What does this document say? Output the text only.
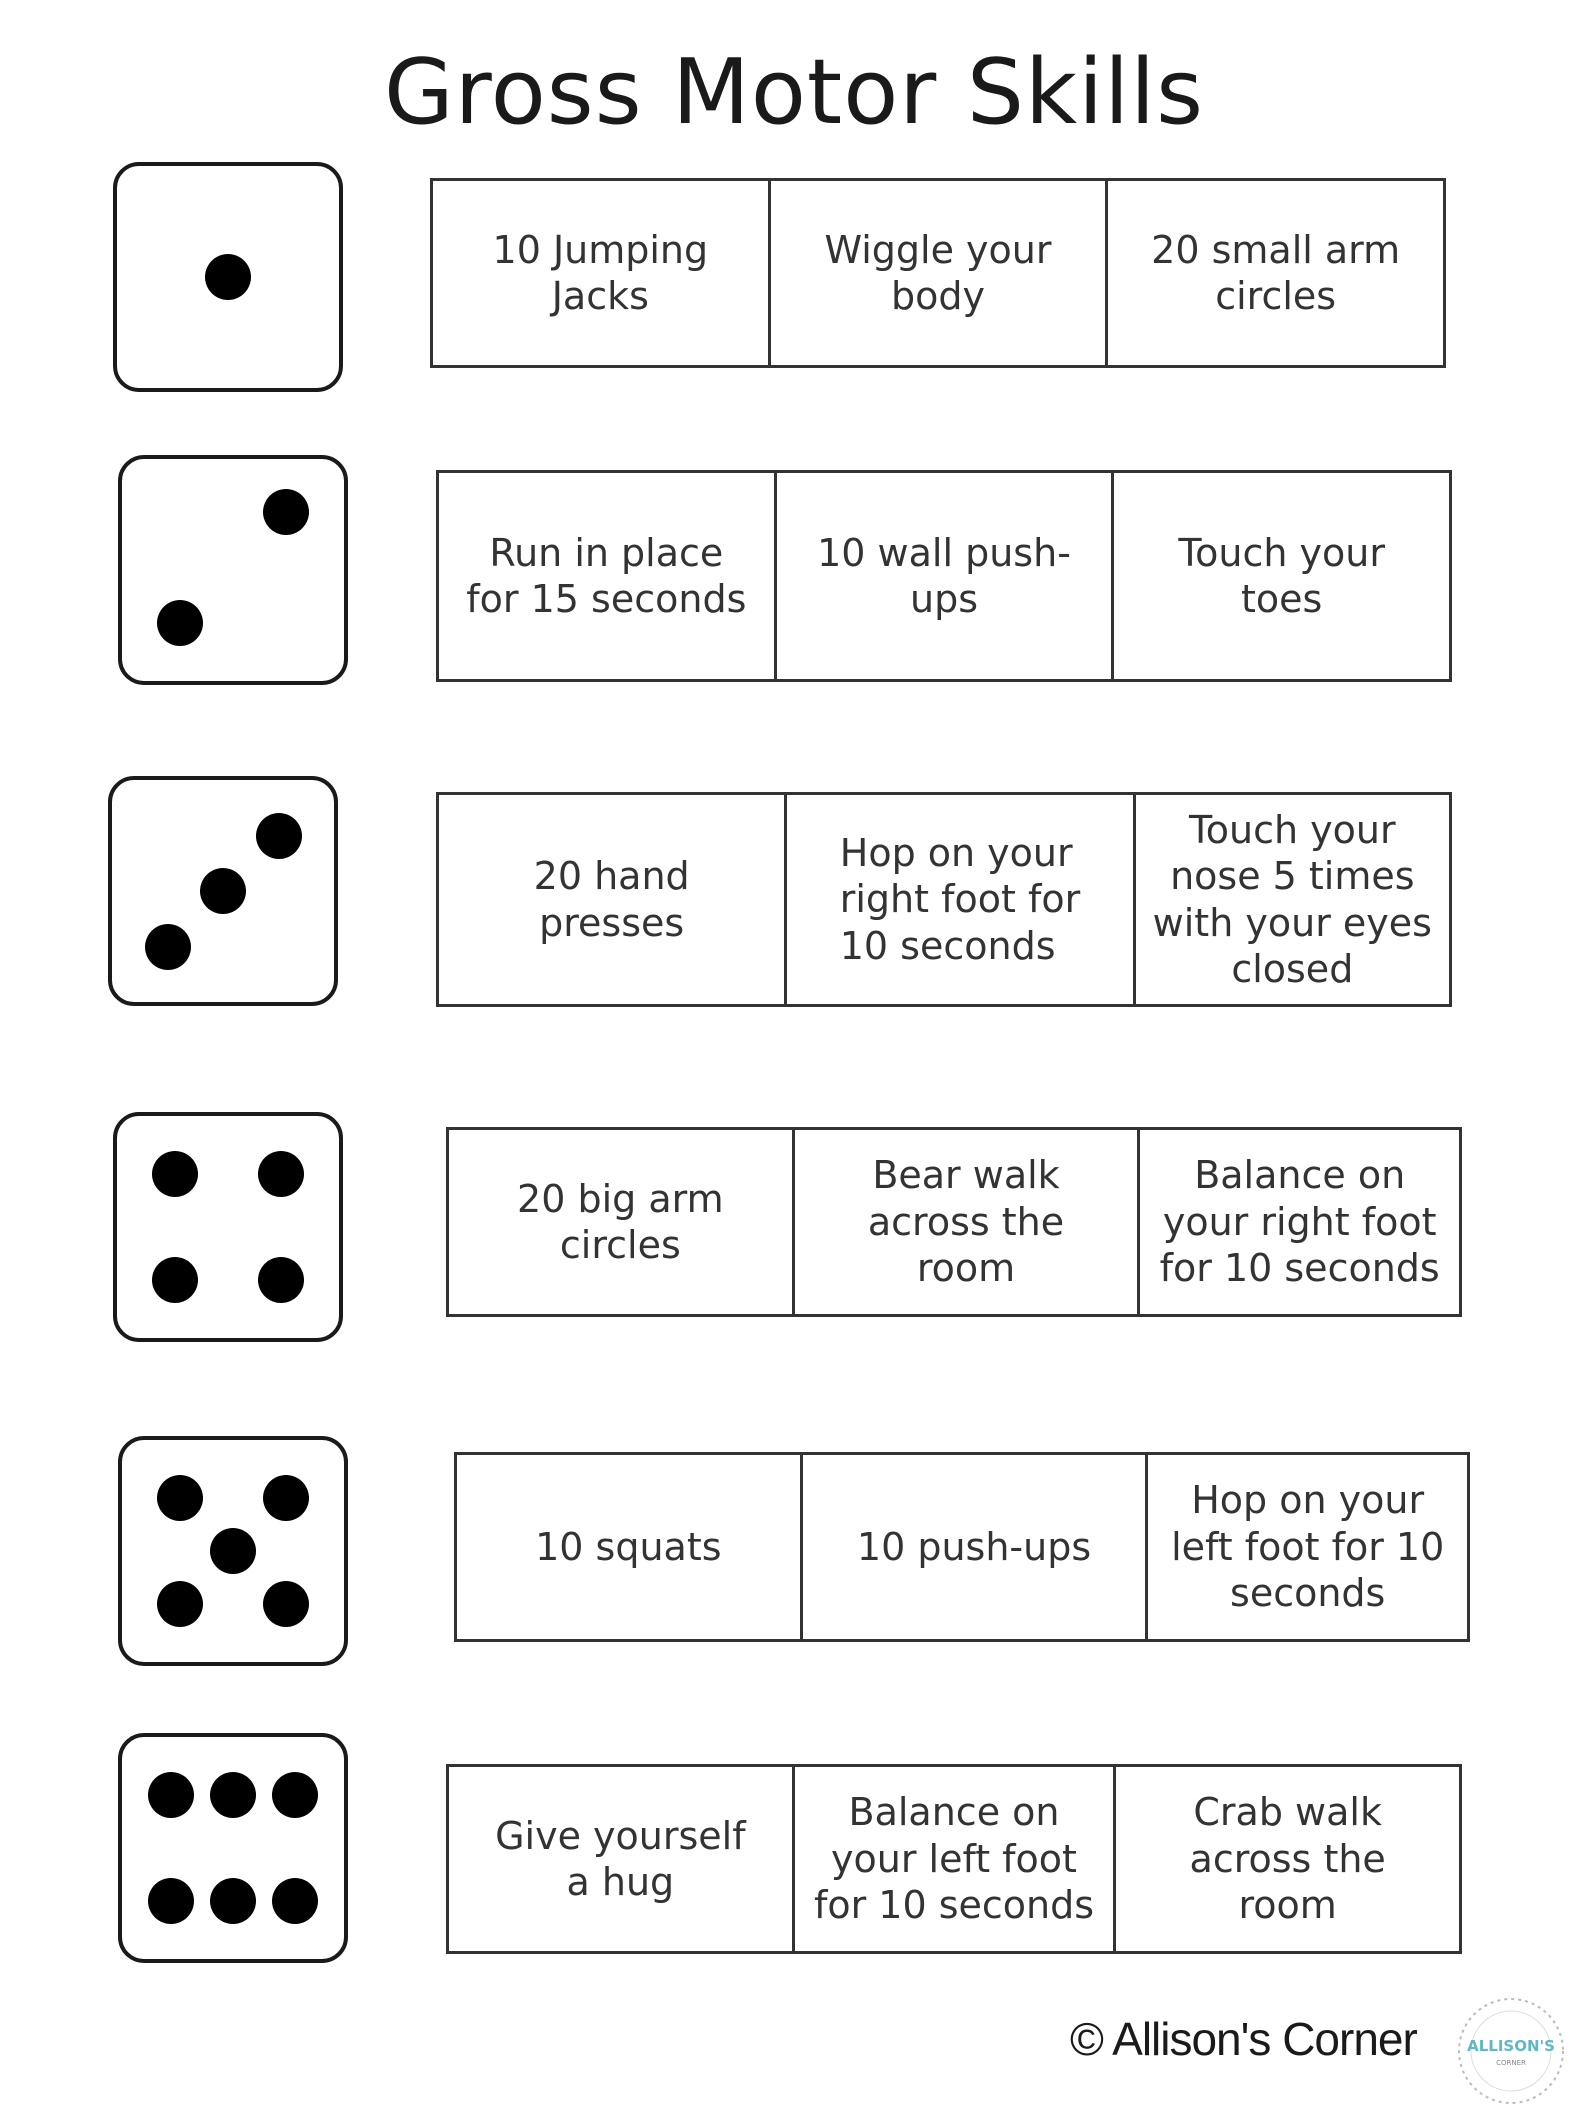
Gross Motor Skills
10 Jumping
Jacks
Wiggle your
body
20 small arm
circles
Run in place
for 15 seconds
10 wall push-
ups
Touch your
toes
20 hand
presses
Hop on your
right foot for
10 seconds
Touch your
nose 5 times
with your eyes
closed
20 big arm
circles
Bear walk
across the
room
Balance on
your right foot
for 10 seconds
10 squats	10 push-ups
Hop on your
left foot for 10
seconds
Give yourself
a hug
Balance on
your left foot
for 10 seconds
Crab walk
across the
room
© Allison's Corner	ALLISON'S
CORNER
